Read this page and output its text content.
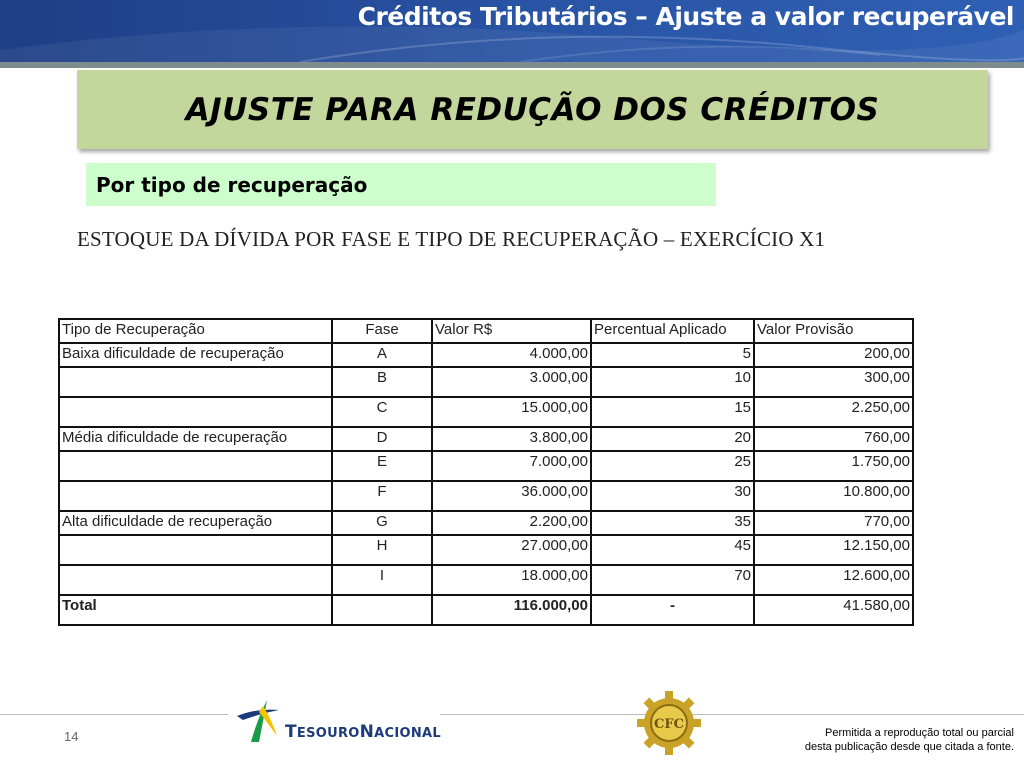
Créditos Tributários – Ajuste a valor recuperável
AJUSTE PARA REDUÇÃO DOS CRÉDITOS
Por tipo de recuperação
ESTOQUE DA DÍVIDA POR FASE E TIPO DE RECUPERAÇÃO – EXERCÍCIO X1
Tipo de Recuperação	Fase	Valor R$	Percentual Aplicado	Valor Provisão
Baixa dificuldade de recuperação	A	4.000,00	5	200,00
	B	3.000,00	10	300,00
	C	15.000,00	15	2.250,00
Média dificuldade de recuperação	D	3.800,00	20	760,00
	E	7.000,00	25	1.750,00
	F	36.000,00	30	10.800,00
Alta dificuldade de recuperação	G	2.200,00	35	770,00
	H	27.000,00	45	12.150,00
	I	18.000,00	70	12.600,00
Total		116.000,00	-	41.580,00
14	TESOURONACIONAL
CFC
Permitida a reprodução total ou parcial
desta publicação desde que citada a fonte.
